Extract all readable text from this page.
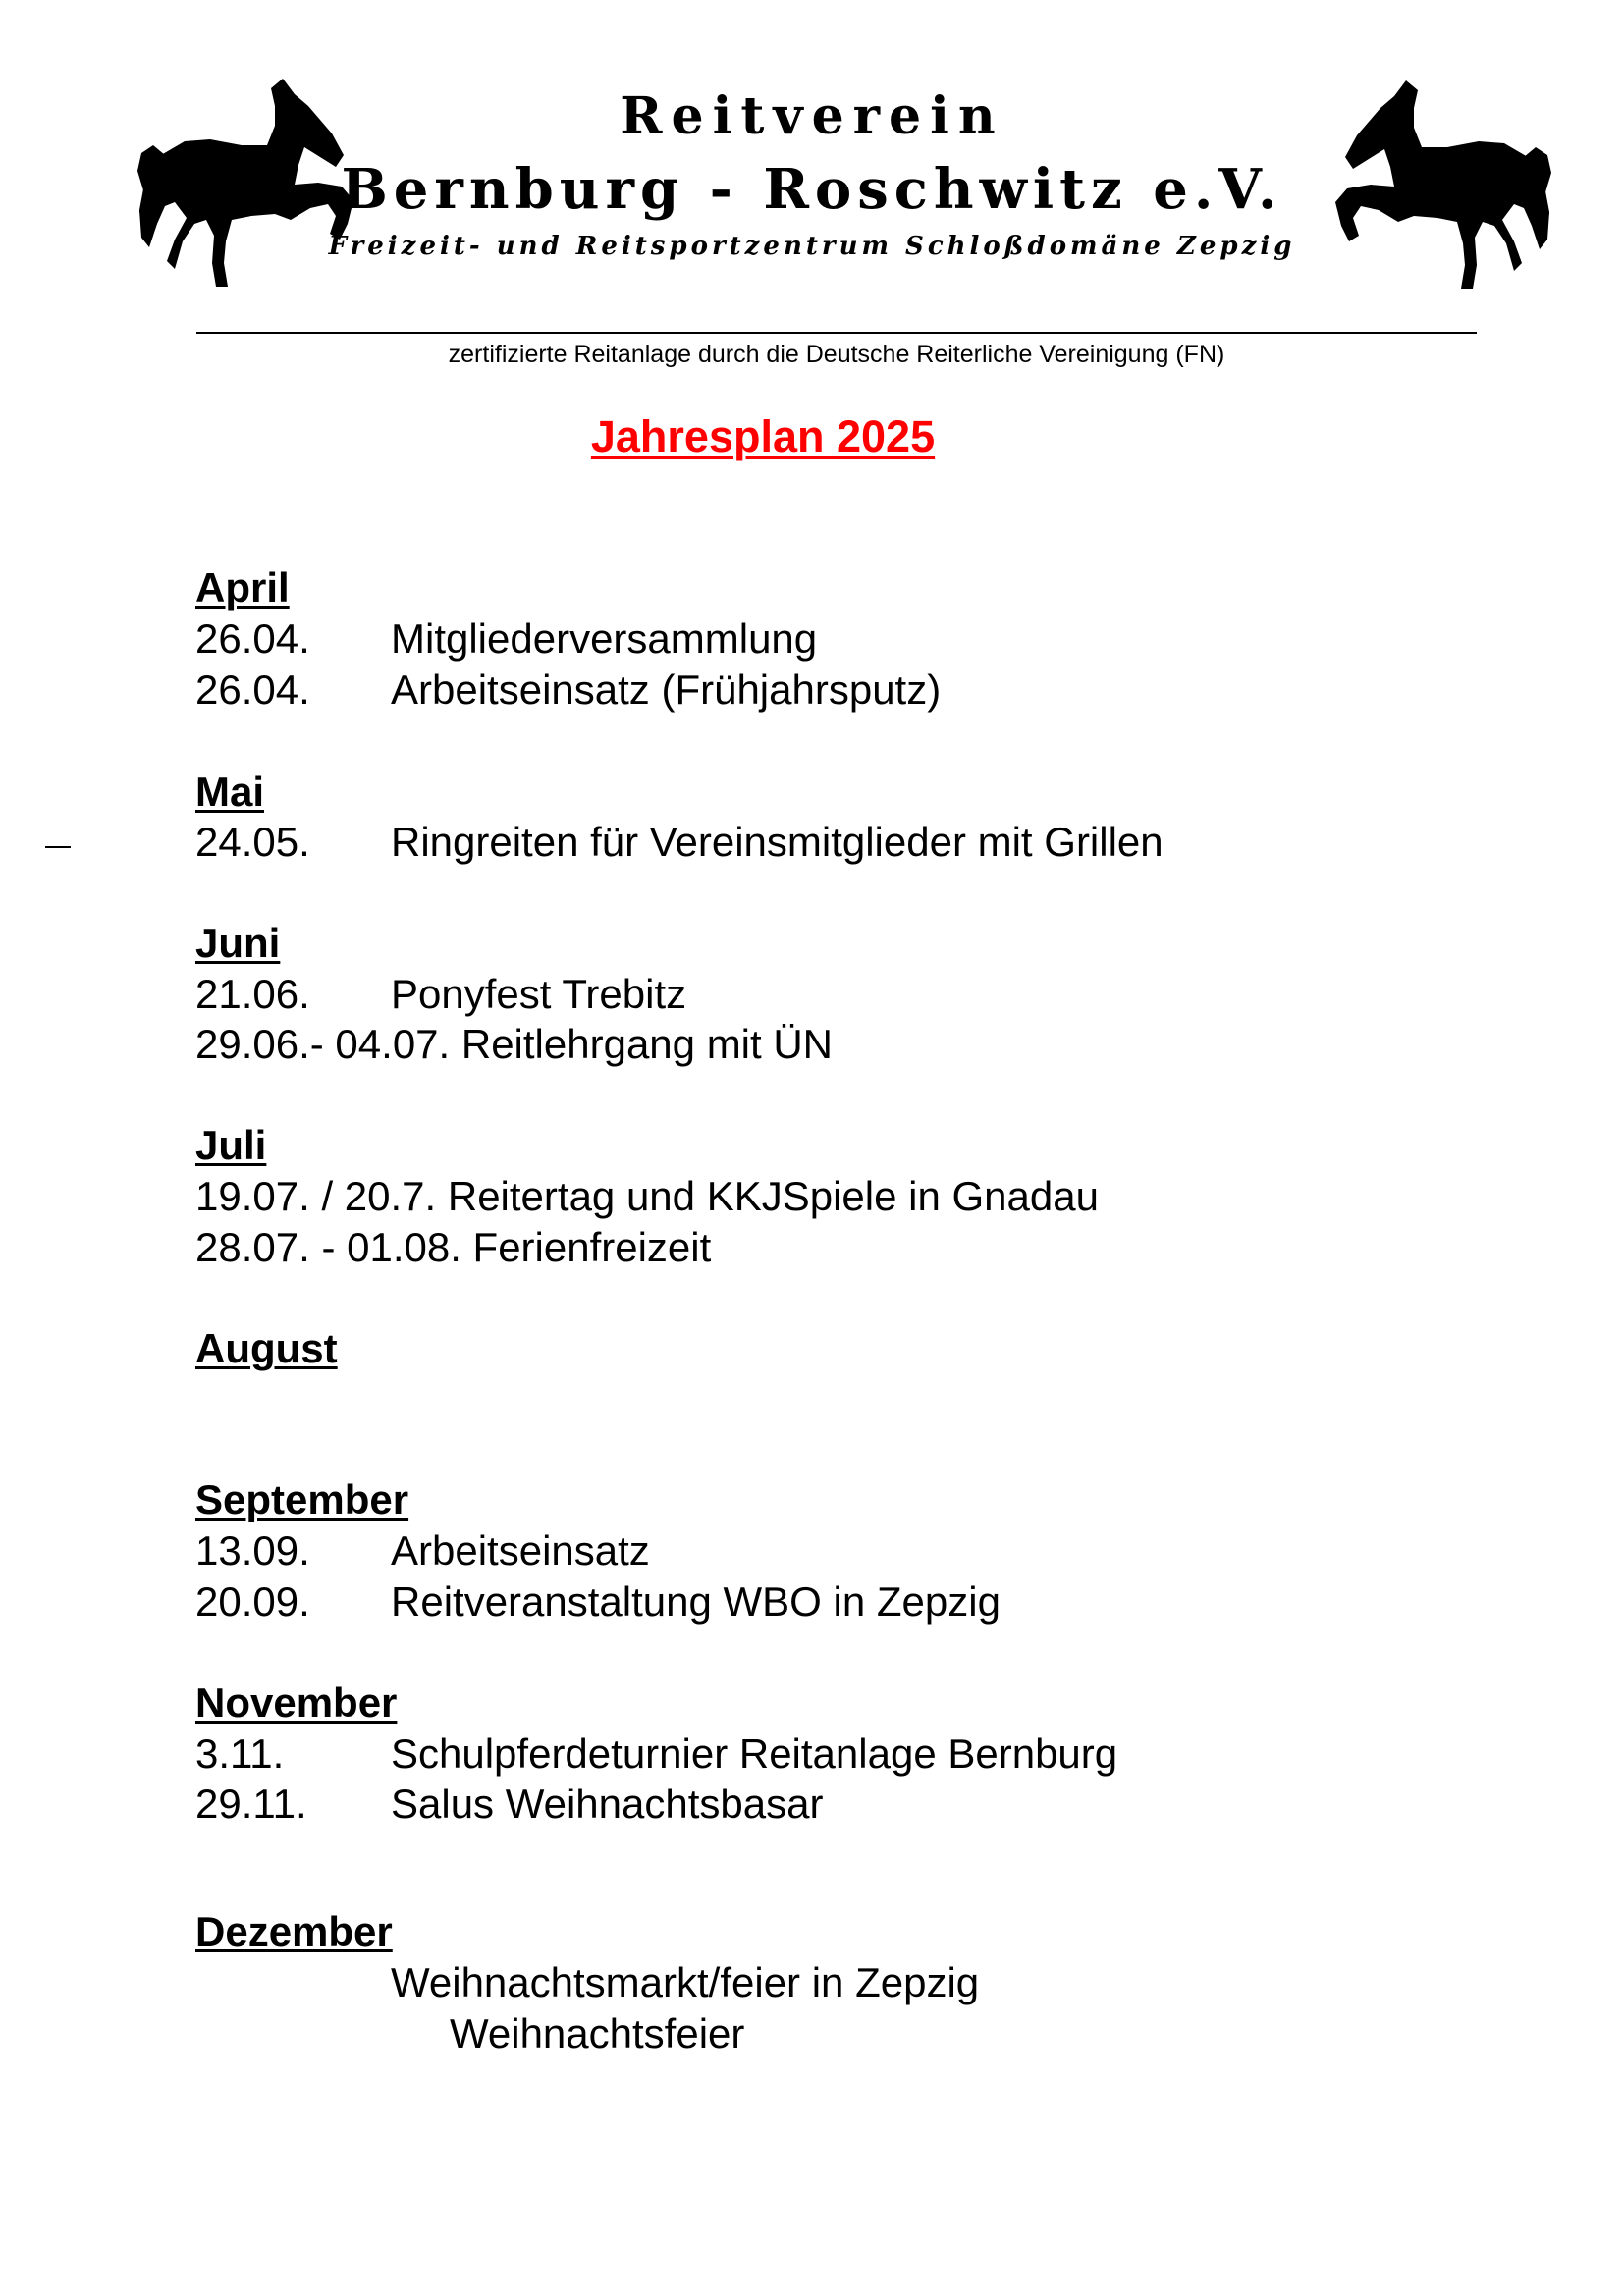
Reitverein
Bernburg - Roschwitz e.V.
Freizeit- und Reitsportzentrum Schloßdomäne Zepzig
zertifizierte Reitanlage durch die Deutsche Reiterliche Vereinigung (FN)
Jahresplan 2025
April
26.04. Mitgliederversammlung
26.04. Arbeitseinsatz (Frühjahrsputz)
Mai
24.05. Ringreiten für Vereinsmitglieder mit Grillen
Juni
21.06. Ponyfest Trebitz
29.06.- 04.07. Reitlehrgang mit ÜN
Juli
19.07. / 20.7. Reitertag und KKJSpiele in Gnadau
28.07. - 01.08. Ferienfreizeit
August
September
13.09. Arbeitseinsatz
20.09. Reitveranstaltung WBO in Zepzig
November
3.11.	Schulpferdeturnier Reitanlage Bernburg
29.11. Salus Weihnachtsbasar
Dezember
Weihnachtsmarkt/feier in Zepzig
Weihnachtsfeier
